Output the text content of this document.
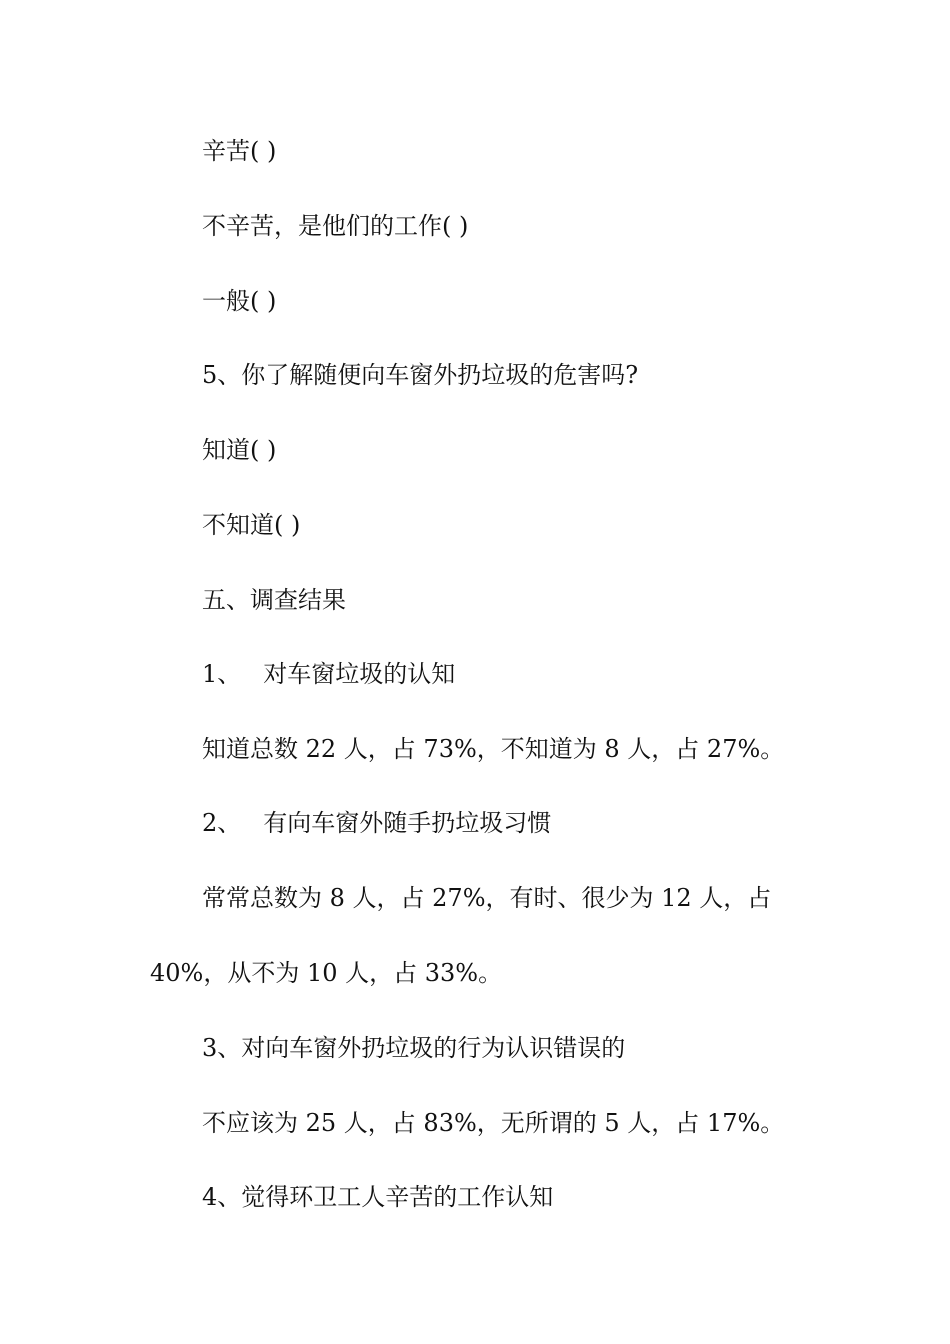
辛苦( )
不辛苦，是他们的工作( )
一般( )
5、你了解随便向车窗外扔垃圾的危害吗?
知道( )
不知道( )
五、调查结果
1、 对车窗垃圾的认知
知道总数 22 人，占 73%，不知道为 8 人，占 27%。
2、 有向车窗外随手扔垃圾习惯
常常总数为 8 人，占 27%，有时、很少为 12 人，占
40%，从不为 10 人，占 33%。
3、对向车窗外扔垃圾的行为认识错误的
不应该为 25 人，占 83%，无所谓的 5 人，占 17%。
4、觉得环卫工人辛苦的工作认知
